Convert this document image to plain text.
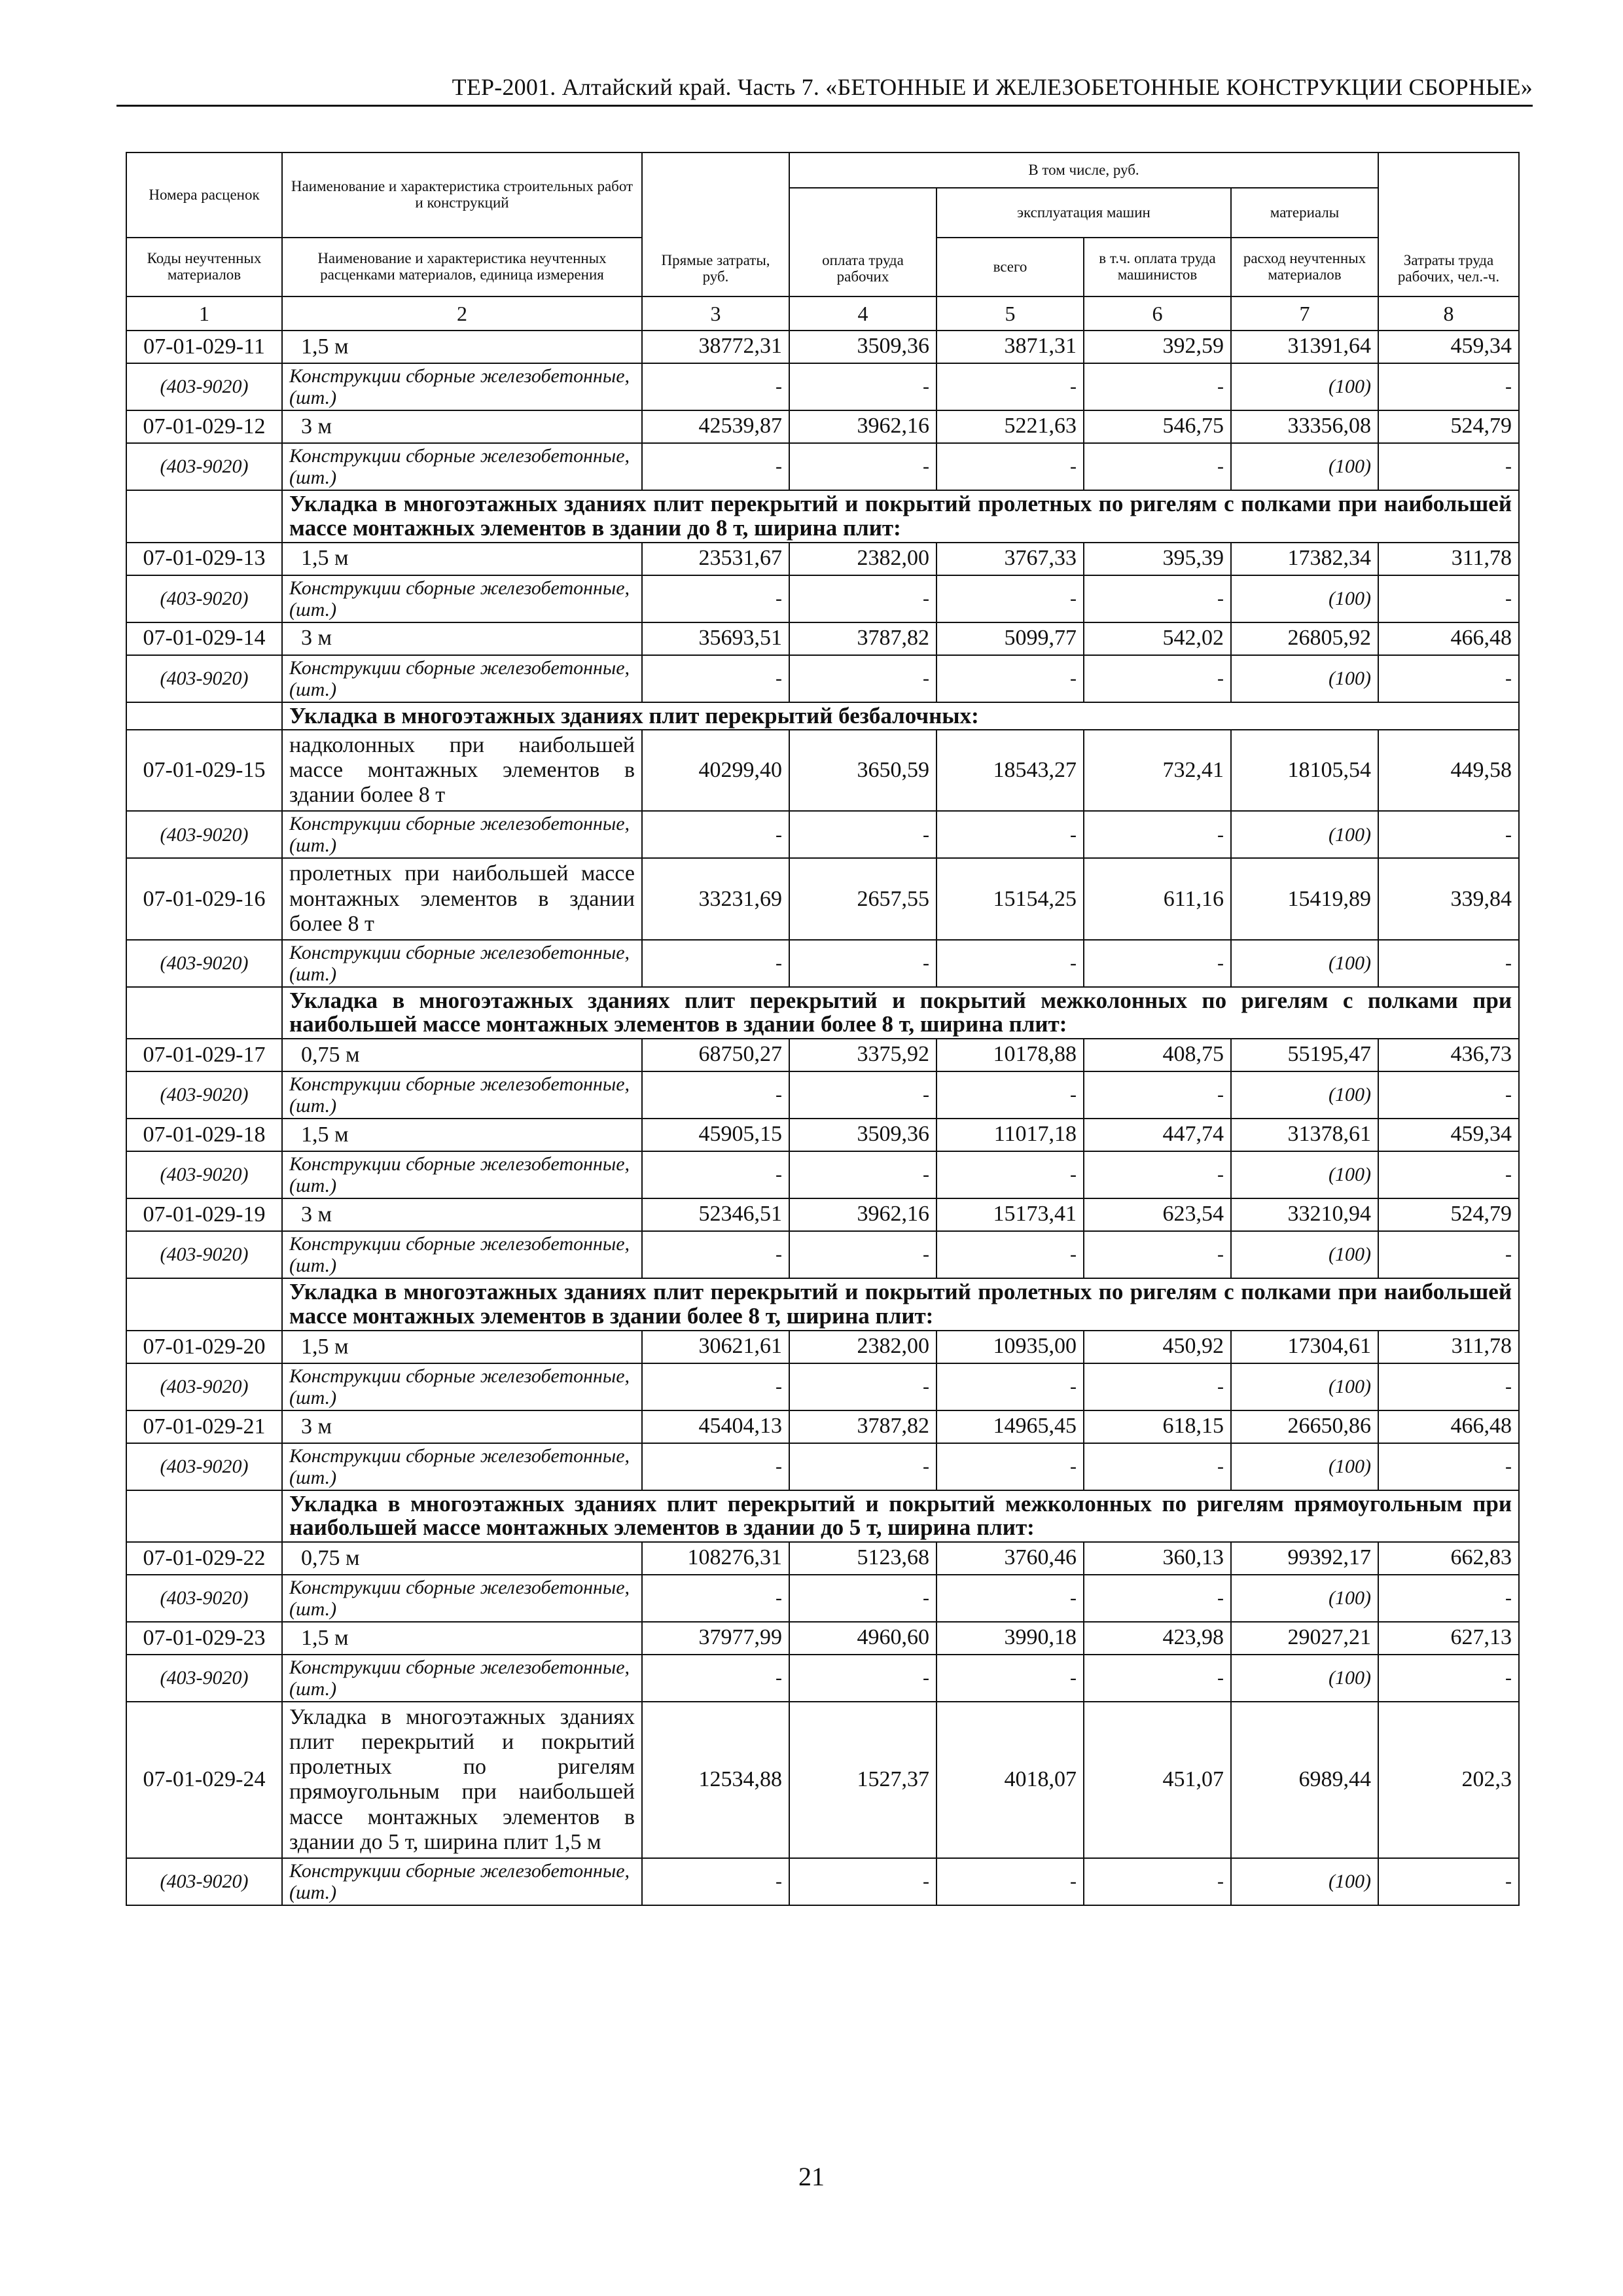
ТЕР-2001. Алтайский край. Часть 7. «БЕТОННЫЕ И ЖЕЛЕЗОБЕТОННЫЕ КОНСТРУКЦИИ СБОРНЫЕ»
Номера расценок	Наименование и характеристика строительных работ и конструкций	Прямые затраты, руб.	В том числе, руб.				Затраты труда рабочих, чел.-ч.
			оплата труда рабочих	эксплуатация машин		материалы	
Коды неучтенных материалов	Наименование и характеристика неучтенных расценками материалов, единица измерения			всего	в т.ч. оплата труда машинистов	расход неучтенных материалов	
1	2	3	4	5	6	7	8
07-01-029-11	1,5 м	38772,31	3509,36	3871,31	392,59	31391,64	459,34
(403-9020)	Конструкции сборные железобетонные, (шт.)	-	-	-	-	(100)	-
07-01-029-12	3 м	42539,87	3962,16	5221,63	546,75	33356,08	524,79
(403-9020)	Конструкции сборные железобетонные, (шт.)	-	-	-	-	(100)	-

	Укладка в многоэтажных зданиях плит перекрытий и покрытий пролетных по ригелям с полками при наибольшей массе монтажных элементов в здании до 8 т, ширина плит:						

07-01-029-13	1,5 м	23531,67	2382,00	3767,33	395,39	17382,34	311,78
(403-9020)	Конструкции сборные железобетонные, (шт.)	-	-	-	-	(100)	-
07-01-029-14	3 м	35693,51	3787,82	5099,77	542,02	26805,92	466,48
(403-9020)	Конструкции сборные железобетонные, (шт.)	-	-	-	-	(100)	-

	Укладка в многоэтажных зданиях плит перекрытий безбалочных:						

07-01-029-15	надколонных при наибольшей массе монтажных элементов в здании более 8 т	40299,40	3650,59	18543,27	732,41	18105,54	449,58
(403-9020)	Конструкции сборные железобетонные, (шт.)	-	-	-	-	(100)	-
07-01-029-16	пролетных при наибольшей массе монтажных элементов в здании более 8 т	33231,69	2657,55	15154,25	611,16	15419,89	339,84
(403-9020)	Конструкции сборные железобетонные, (шт.)	-	-	-	-	(100)	-

	Укладка в многоэтажных зданиях плит перекрытий и покрытий межколонных по ригелям с полками при наибольшей массе монтажных элементов в здании более 8 т, ширина плит:						

07-01-029-17	0,75 м	68750,27	3375,92	10178,88	408,75	55195,47	436,73
(403-9020)	Конструкции сборные железобетонные, (шт.)	-	-	-	-	(100)	-
07-01-029-18	1,5 м	45905,15	3509,36	11017,18	447,74	31378,61	459,34
(403-9020)	Конструкции сборные железобетонные, (шт.)	-	-	-	-	(100)	-
07-01-029-19	3 м	52346,51	3962,16	15173,41	623,54	33210,94	524,79
(403-9020)	Конструкции сборные железобетонные, (шт.)	-	-	-	-	(100)	-

	Укладка в многоэтажных зданиях плит перекрытий и покрытий пролетных по ригелям с полками при наибольшей массе монтажных элементов в здании более 8 т, ширина плит:						

07-01-029-20	1,5 м	30621,61	2382,00	10935,00	450,92	17304,61	311,78
(403-9020)	Конструкции сборные железобетонные, (шт.)	-	-	-	-	(100)	-
07-01-029-21	3 м	45404,13	3787,82	14965,45	618,15	26650,86	466,48
(403-9020)	Конструкции сборные железобетонные, (шт.)	-	-	-	-	(100)	-

	Укладка в многоэтажных зданиях плит перекрытий и покрытий межколонных по ригелям прямоугольным при наибольшей массе монтажных элементов в здании до 5 т, ширина плит:						

07-01-029-22	0,75 м	108276,31	5123,68	3760,46	360,13	99392,17	662,83
(403-9020)	Конструкции сборные железобетонные, (шт.)	-	-	-	-	(100)	-
07-01-029-23	1,5 м	37977,99	4960,60	3990,18	423,98	29027,21	627,13
(403-9020)	Конструкции сборные железобетонные, (шт.)	-	-	-	-	(100)	-
07-01-029-24	Укладка в многоэтажных зданиях плит перекрытий и покрытий пролетных по ригелям прямоугольным при наибольшей массе монтажных элементов в здании до 5 т, ширина плит 1,5 м	12534,88	1527,37	4018,07	451,07	6989,44	202,3
(403-9020)	Конструкции сборные железобетонные, (шт.)	-	-	-	-	(100)	-
21
